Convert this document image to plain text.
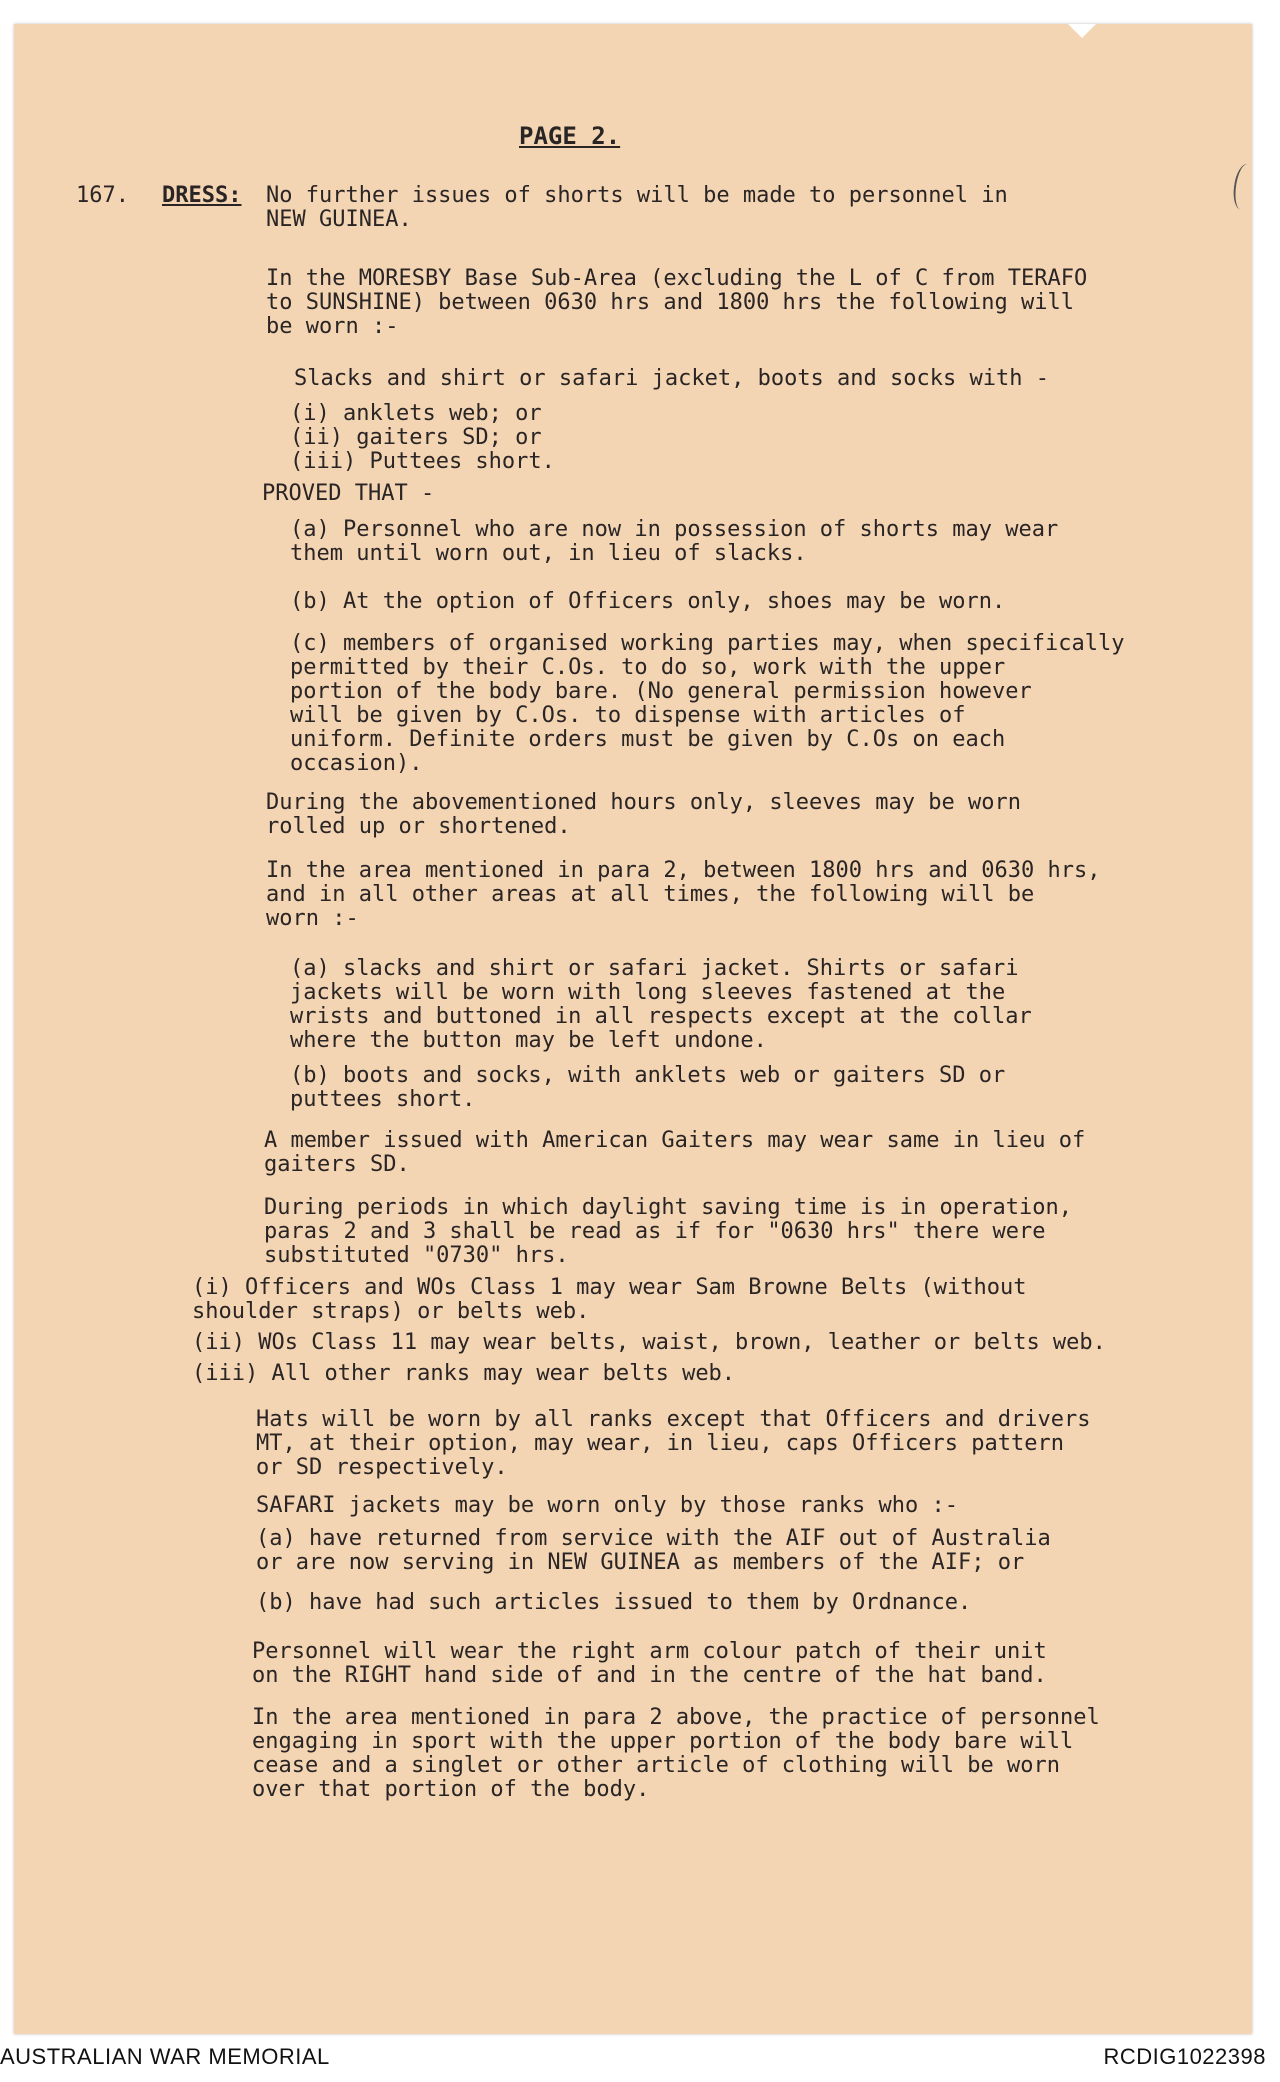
PAGE 2.

167. DRESS: No further issues of shorts will be made to personnel in
NEW GUINEA.

In the MORESBY Base Sub-Area (excluding the L of C from TERAFO
to SUNSHINE) between 0630 hrs and 1800 hrs the following will
be worn :-

Slacks and shirt or safari jacket, boots and socks with -

(i) anklets web; or
(ii) gaiters SD; or
(iii) Puttees short.

PROVED THAT -

(a) Personnel who are now in possession of shorts may wear
them until worn out, in lieu of slacks.

(b) At the option of Officers only, shoes may be worn.

(c) members of organised working parties may, when specifically
permitted by their C.Os. to do so, work with the upper
portion of the body bare. (No general permission however
will be given by C.Os. to dispense with articles of
uniform. Definite orders must be given by C.Os on each
occasion).

During the abovementioned hours only, sleeves may be worn
rolled up or shortened.

In the area mentioned in para 2, between 1800 hrs and 0630 hrs,
and in all other areas at all times, the following will be
worn :-

(a) slacks and shirt or safari jacket. Shirts or safari
jackets will be worn with long sleeves fastened at the
wrists and buttoned in all respects except at the collar
where the button may be left undone.

(b) boots and socks, with anklets web or gaiters SD or
puttees short.

A member issued with American Gaiters may wear same in lieu of
gaiters SD.

During periods in which daylight saving time is in operation,
paras 2 and 3 shall be read as if for "0630 hrs" there were
substituted "0730" hrs.

(i) Officers and WOs Class 1 may wear Sam Browne Belts (without
shoulder straps) or belts web.

(ii) WOs Class 11 may wear belts, waist, brown, leather or belts web.

(iii) All other ranks may wear belts web.

Hats will be worn by all ranks except that Officers and drivers
MT, at their option, may wear, in lieu, caps Officers pattern
or SD respectively.

SAFARI jackets may be worn only by those ranks who :-

(a) have returned from service with the AIF out of Australia
or are now serving in NEW GUINEA as members of the AIF; or

(b) have had such articles issued to them by Ordnance.

Personnel will wear the right arm colour patch of their unit
on the RIGHT hand side of and in the centre of the hat band.

In the area mentioned in para 2 above, the practice of personnel
engaging in sport with the upper portion of the body bare will
cease and a singlet or other article of clothing will be worn
over that portion of the body.

AUSTRALIAN WAR MEMORIAL	RCDIG1022398
